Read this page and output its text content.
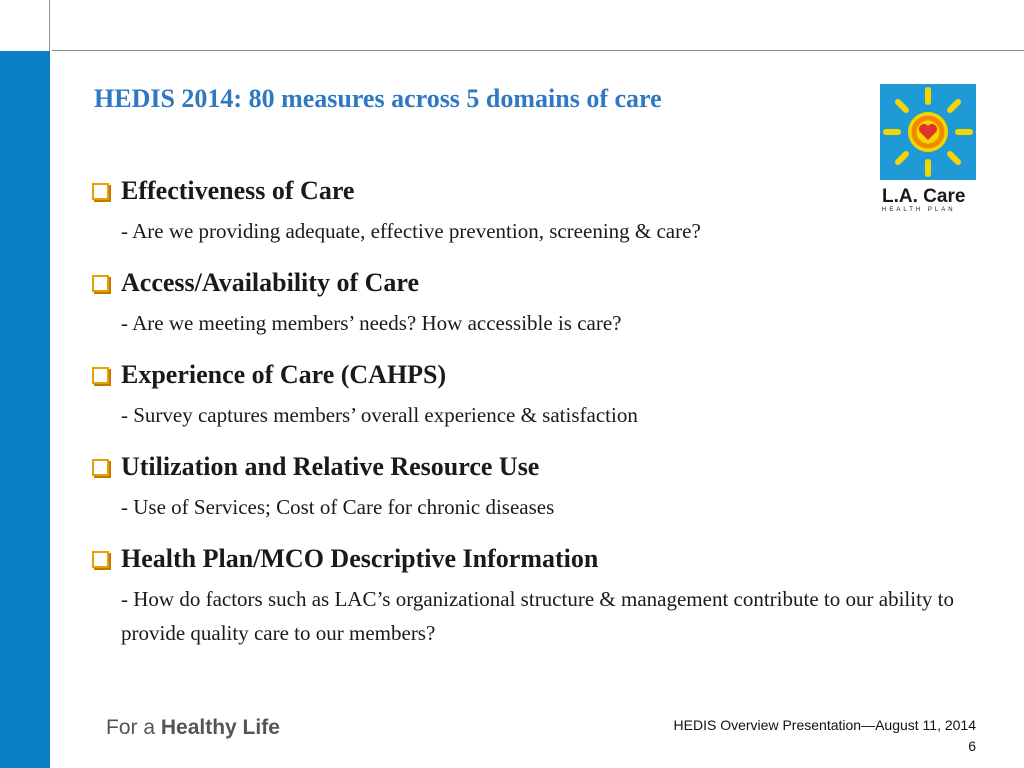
HEDIS 2014: 80 measures across 5 domains of care
L.A. Care
HEALTH PLAN
Effectiveness of Care
- Are we providing adequate, effective prevention, screening & care?
Access/Availability of Care
- Are we meeting members’ needs? How accessible is care?
Experience of Care (CAHPS)
- Survey captures members’ overall experience & satisfaction
Utilization and Relative Resource Use
- Use of Services; Cost of Care for chronic diseases
Health Plan/MCO Descriptive Information
- How do factors such as LAC’s organizational structure & management contribute to our ability to provide quality care to our members?
For a Healthy Life	HEDIS Overview Presentation—August 11, 2014
6
